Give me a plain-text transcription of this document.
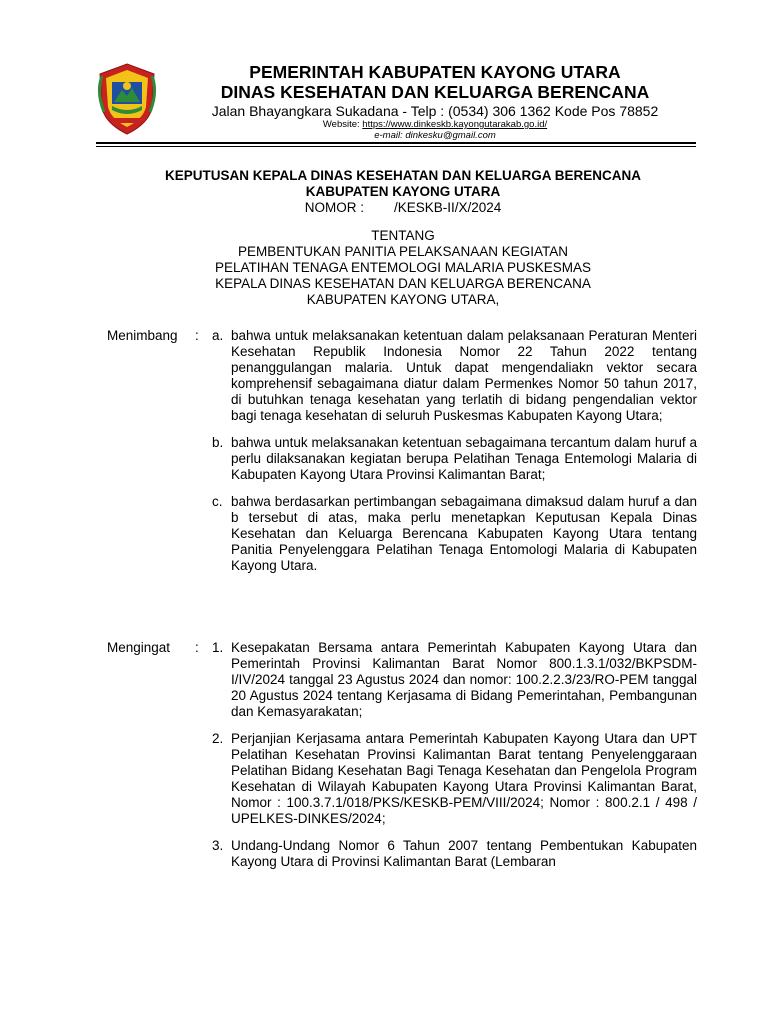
PEMERINTAH KABUPATEN KAYONG UTARA
DINAS KESEHATAN DAN KELUARGA BERENCANA
Jalan Bhayangkara Sukadana - Telp : (0534) 306 1362 Kode Pos 78852
Website: https://www.dinkeskb.kayongutarakab.go.id/
e-mail: dinkesku@gmail.com
KEPUTUSAN KEPALA DINAS KESEHATAN DAN KELUARGA BERENCANA
KABUPATEN KAYONG UTARA
NOMOR :        /KESKB-II/X/2024
TENTANG
PEMBENTUKAN PANITIA PELAKSANAAN KEGIATAN
PELATIHAN TENAGA ENTEMOLOGI MALARIA PUSKESMAS
KEPALA DINAS KESEHATAN DAN KELUARGA BERENCANA
KABUPATEN KAYONG UTARA,
Menimbang	: a. bahwa untuk melaksanakan ketentuan dalam pelaksanaan Peraturan Menteri Kesehatan Republik Indonesia Nomor 22 Tahun 2022 tentang penanggulangan malaria. Untuk dapat mengendaliakn vektor secara komprehensif sebagaimana diatur dalam Permenkes Nomor 50 tahun 2017, di butuhkan tenaga kesehatan yang terlatih di bidang pengendalian vektor bagi tenaga kesehatan di seluruh Puskesmas Kabupaten Kayong Utara;
b. bahwa untuk melaksanakan ketentuan sebagaimana tercantum dalam huruf a perlu dilaksanakan kegiatan berupa Pelatihan Tenaga Entemologi Malaria di Kabupaten Kayong Utara Provinsi Kalimantan Barat;
c. bahwa berdasarkan pertimbangan sebagaimana dimaksud dalam huruf a dan b tersebut di atas, maka perlu menetapkan Keputusan Kepala Dinas Kesehatan dan Keluarga Berencana Kabupaten Kayong Utara tentang Panitia Penyelenggara Pelatihan Tenaga Entomologi Malaria di Kabupaten Kayong Utara.
Mengingat	: 1. Kesepakatan Bersama antara Pemerintah Kabupaten Kayong Utara dan Pemerintah Provinsi Kalimantan Barat Nomor 800.1.3.1/032/BKPSDM-I/IV/2024 tanggal 23 Agustus 2024 dan nomor: 100.2.2.3/23/RO-PEM tanggal 20 Agustus 2024 tentang Kerjasama di Bidang Pemerintahan, Pembangunan dan Kemasyarakatan;
2. Perjanjian Kerjasama antara Pemerintah Kabupaten Kayong Utara dan UPT Pelatihan Kesehatan Provinsi Kalimantan Barat tentang Penyelenggaraan Pelatihan Bidang Kesehatan Bagi Tenaga Kesehatan dan Pengelola Program Kesehatan di Wilayah Kabupaten Kayong Utara Provinsi Kalimantan Barat, Nomor : 100.3.7.1/018/PKS/KESKB-PEM/VIII/2024; Nomor : 800.2.1 / 498 / UPELKES-DINKES/2024;
3. Undang-Undang Nomor 6 Tahun 2007 tentang Pembentukan Kabupaten Kayong Utara di Provinsi Kalimantan Barat (Lembaran
